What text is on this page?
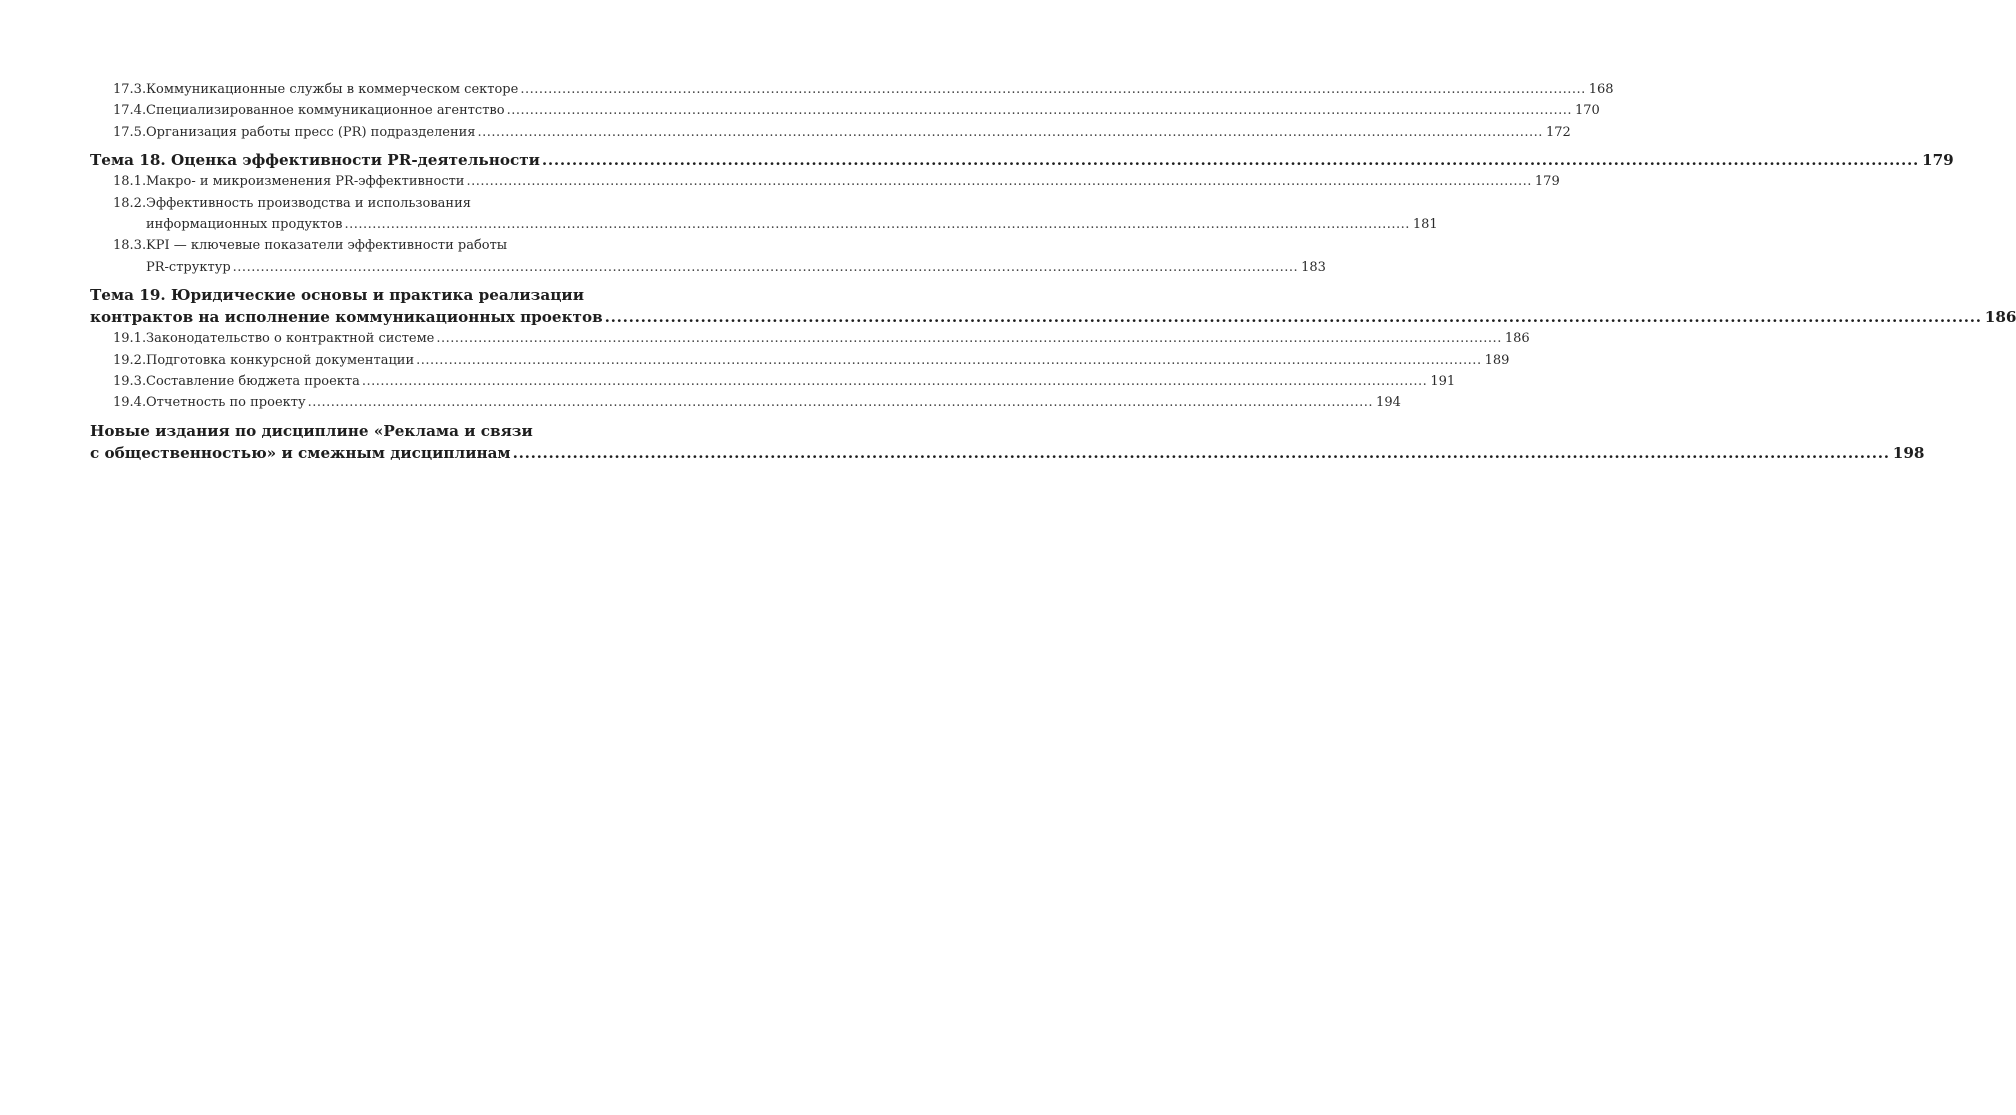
17.3. Коммуникационные службы в коммерческом секторе .....	168
17.4. Специализированное коммуникационное агентство .....	170
17.5. Организация работы пресс (PR) подразделения .....	172
Тема 18. Оценка эффективности PR-деятельности .....	179
18.1. Макро- и микроизменения PR-эффективности .....	179
18.2. Эффективность производства и использования
информационных продуктов .....	181
18.3. KPI — ключевые показатели эффективности работы
PR-структур .....	183
Тема 19. Юридические основы и практика реализации
контрактов на исполнение коммуникационных проектов .....	186
19.1. Законодательство о контрактной системе .....	186
19.2. Подготовка конкурсной документации .....	189
19.3. Составление бюджета проекта .....	191
19.4. Отчетность по проекту .....	194
Новые издания по дисциплине «Реклама и связи
с общественностью» и смежным дисциплинам .....	198
